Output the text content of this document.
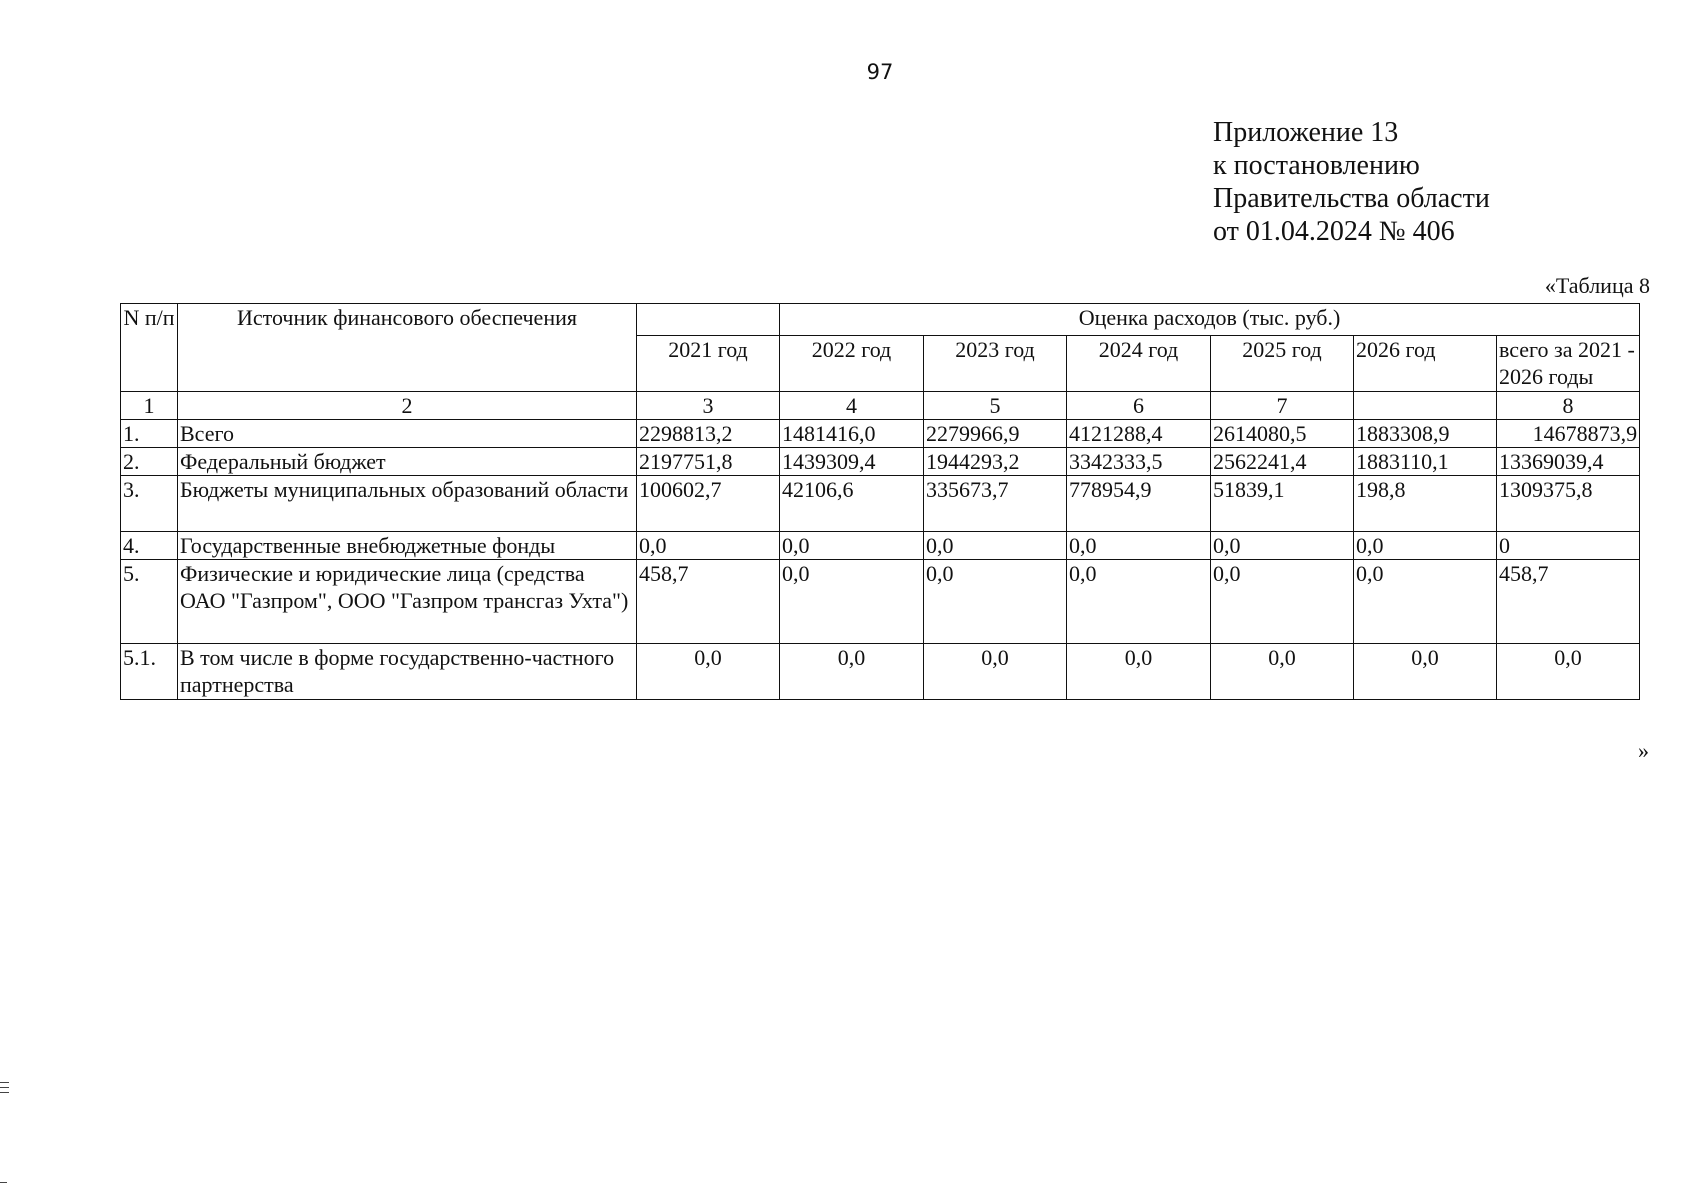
97
Приложение 13
к постановлению
Правительства области
от 01.04.2024 № 406
«Таблица 8
N п/п	Источник финансового обеспечения		Оценка расходов (тыс. руб.)					
		2021 год	2022 год	2023 год	2024 год	2025 год	2026 год	всего за 2021 - 2026 годы
1	2	3	4	5	6	7		8
1.	Всего	2298813,2	1481416,0	2279966,9	4121288,4	2614080,5	1883308,9	14678873,9
2.	Федеральный бюджет	2197751,8	1439309,4	1944293,2	3342333,5	2562241,4	1883110,1	13369039,4
3.	Бюджеты муниципальных образований области	100602,7	42106,6	335673,7	778954,9	51839,1	198,8	1309375,8
4.	Государственные внебюджетные фонды	0,0	0,0	0,0	0,0	0,0	0,0	0
5.	Физические и юридические лица (средства ОАО "Газпром", ООО "Газпром трансгаз Ухта")	458,7	0,0	0,0	0,0	0,0	0,0	458,7
5.1.	В том числе в форме государственно-частного партнерства	0,0	0,0	0,0	0,0	0,0	0,0	0,0
»
